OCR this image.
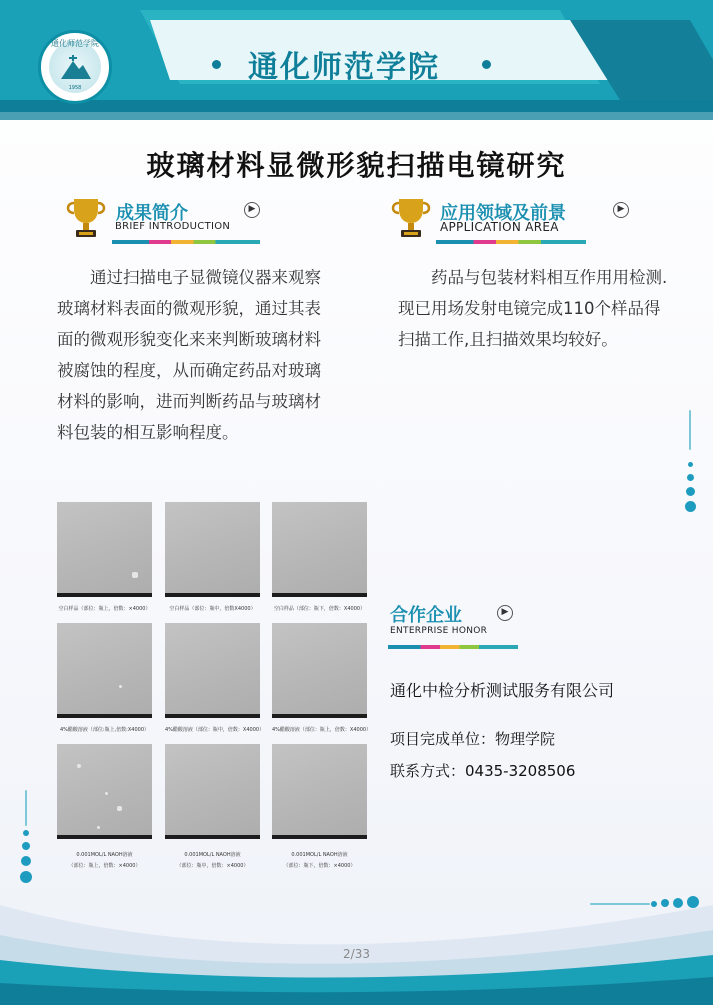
通化师范学院
通化师范学院
1958
玻璃材料显微形貌扫描电镜研究
成果简介
BRIEF INTRODUCTION
▶
通过扫描电子显微镜仪器来观察玻璃材料表面的微观形貌，通过其表面的微观形貌变化来来判断玻璃材料被腐蚀的程度，从而确定药品对玻璃材料的影响，进而判断药品与玻璃材料包装的相互影响程度。
应用领域及前景
APPLICATION AREA
▶
药品与包装材料相互作用用检测.现已用场发射电镜完成110个样品得扫描工作,且扫描效果均较好。
空白样品（部位：瓶上，倍数：×4000）	空白样品（部位：瓶中，倍数X4000）	空白样品（部位：瓶下，倍数：X4000）
4%醋酸溶液（部位:瓶上,倍数:X4000）	4%醋酸溶液（部位：瓶中，倍数：X4000） 4%醋酸溶液（部位：瓶上，倍数：X4000）
0.001MOL/L NAOH溶液
（部位：瓶上，倍数：×4000）
0.001MOL/L NAOH溶液
（部位：瓶中，倍数：×4000）
0.001MOL/L NAOH溶液
（部位：瓶下，倍数：×4000）
合作企业
ENTERPRISE HONOR
▶
通化中检分析测试服务有限公司
项目完成单位：物理学院
联系方式：0435-3208506
2/33
